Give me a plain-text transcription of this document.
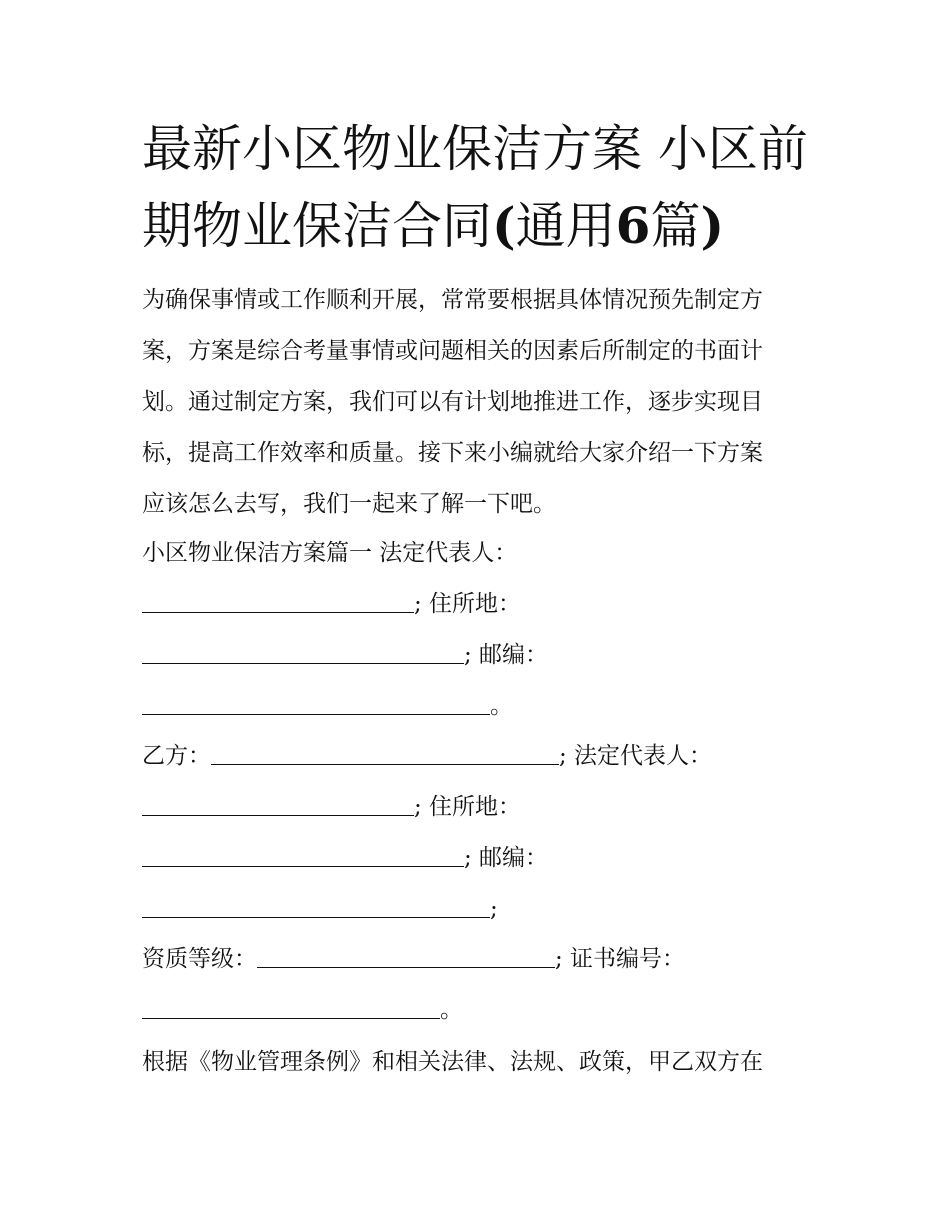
最新小区物业保洁方案 小区前
期物业保洁合同(通用6篇)

为确保事情或工作顺利开展，常常要根据具体情况预先制定方

案，方案是综合考量事情或问题相关的因素后所制定的书面计

划。通过制定方案，我们可以有计划地推进工作，逐步实现目

标，提高工作效率和质量。接下来小编就给大家介绍一下方案

应该怎么去写，我们一起来了解一下吧。

小区物业保洁方案篇一 法定代表人：

; 住所地：
; 邮编：
。
乙方：	; 法定代表人：
; 住所地：
; 邮编：
;
资质等级：	; 证书编号：
。

根据《物业管理条例》和相关法律、法规、政策，甲乙双方在
